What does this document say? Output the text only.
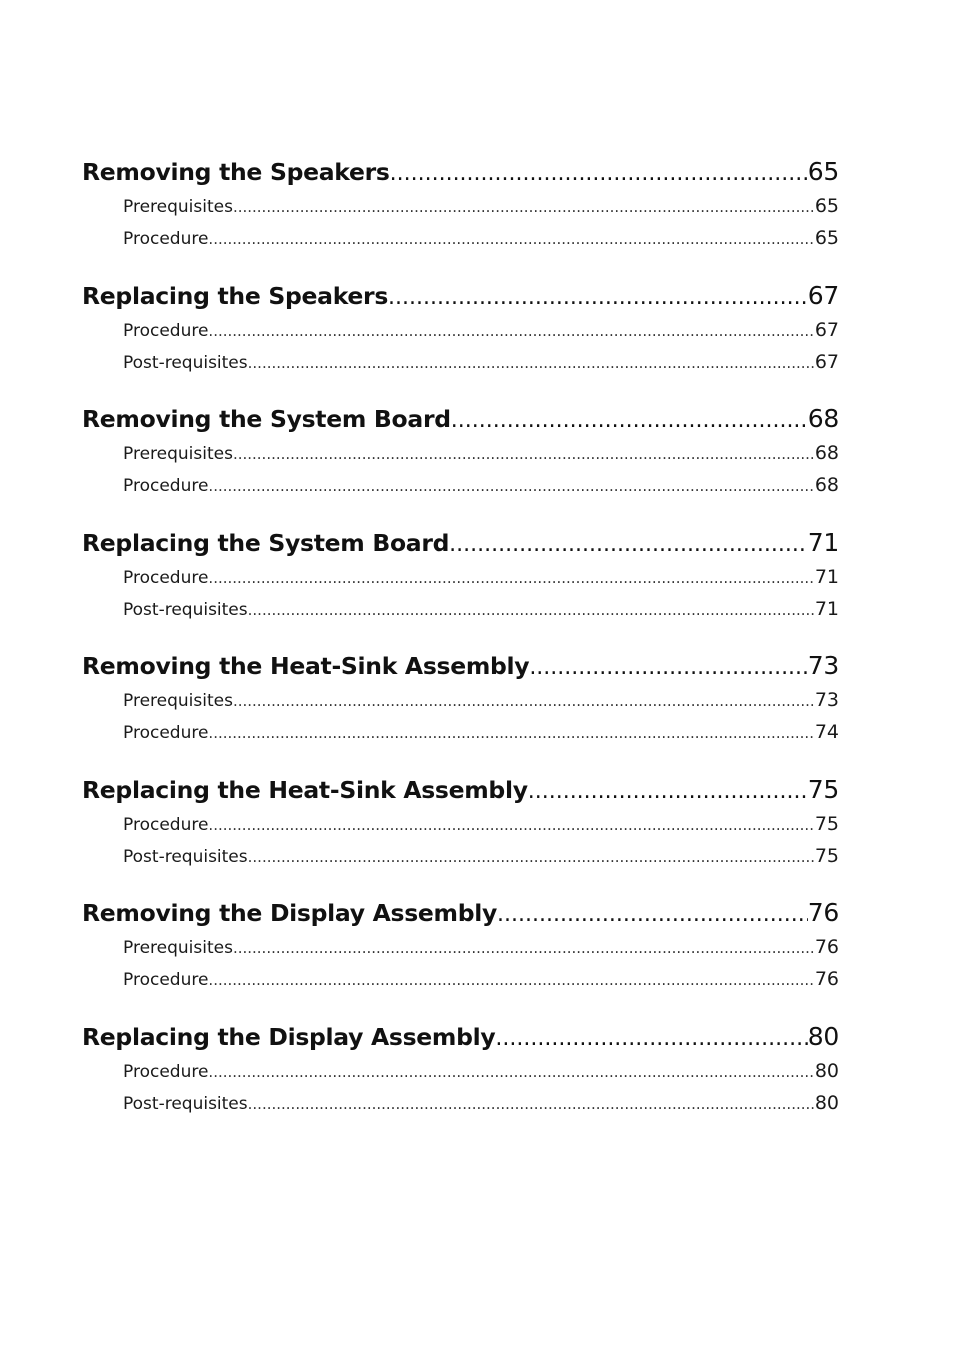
Removing the Speakers .....	65
Prerequisites .....	65
Procedure .....	65
Replacing the Speakers .....	67
Procedure .....	67
Post-requisites .....	67
Removing the System Board .....	68
Prerequisites .....	68
Procedure .....	68
Replacing the System Board .....	71
Procedure .....	71
Post-requisites .....	71
Removing the Heat-Sink Assembly .....	73
Prerequisites .....	73
Procedure .....	74
Replacing the Heat-Sink Assembly .....	75
Procedure .....	75
Post-requisites .....	75
Removing the Display Assembly .....	76
Prerequisites .....	76
Procedure .....	76
Replacing the Display Assembly .....	80
Procedure .....	80
Post-requisites .....	80
